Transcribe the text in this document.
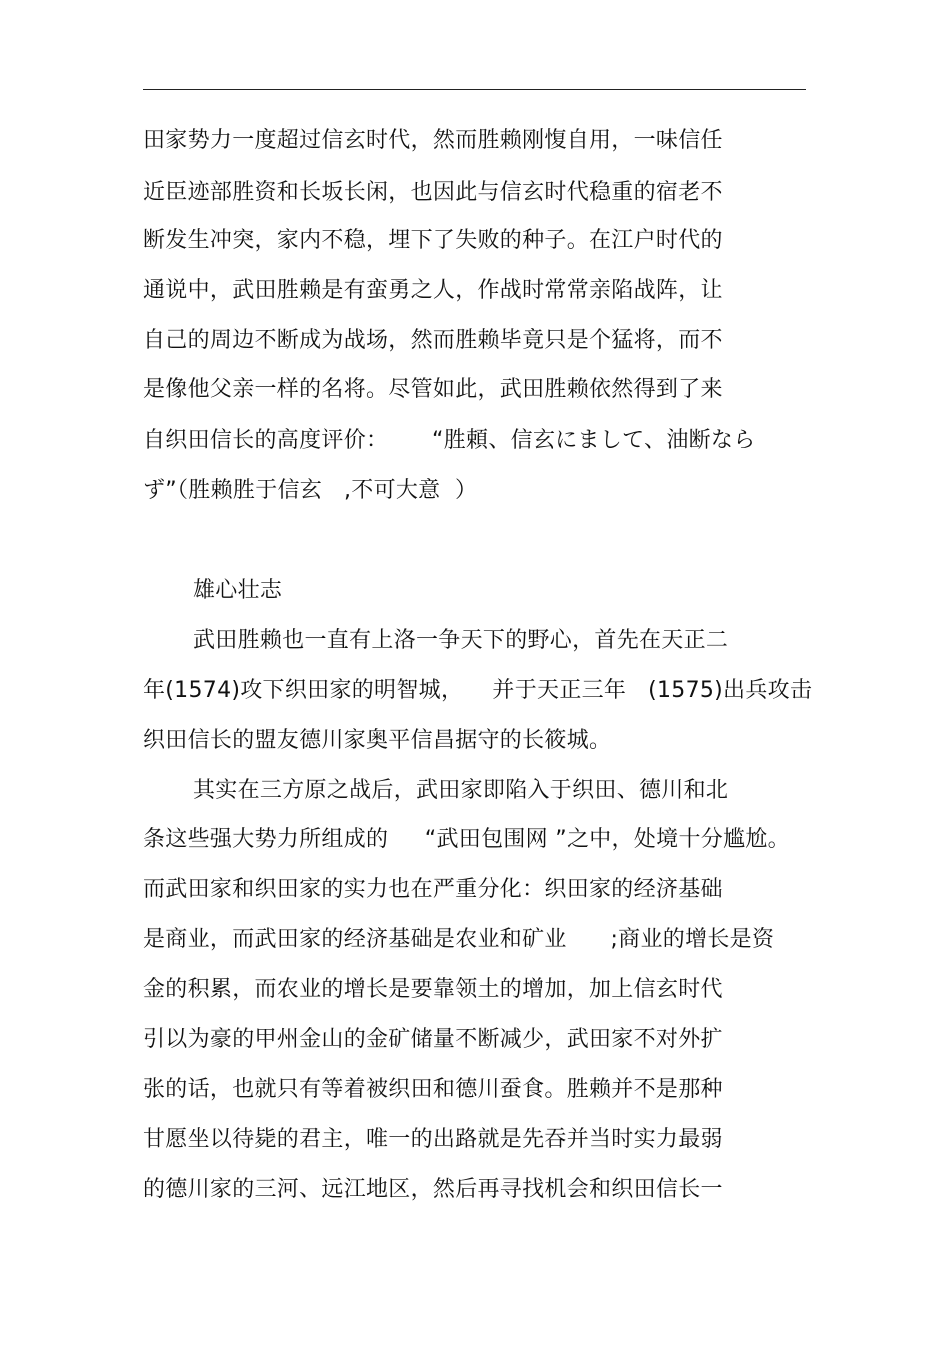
田家势力一度超过信玄时代，然而胜赖刚愎自用，一味信任
近臣迹部胜资和长坂长闲，也因此与信玄时代稳重的宿老不
断发生冲突，家内不稳，埋下了失败的种子。在江户时代的
通说中，武田胜赖是有蛮勇之人，作战时常常亲陷战阵，让
自己的周边不断成为战场，然而胜赖毕竟只是个猛将，而不
是像他父亲一样的名将。尽管如此，武田胜赖依然得到了来
自织田信长的高度评价：      “胜頼、信玄にまして、油断なら
ず”（胜赖胜于信玄   ,不可大意  ）
雄心壮志
武田胜赖也一直有上洛一争天下的野心，首先在天正二
年(1574)攻下织田家的明智城，    并于天正三年   (1575)出兵攻击
织田信长的盟友德川家奥平信昌据守的长筱城。
其实在三方原之战后，武田家即陷入于织田、德川和北
条这些强大势力所组成的     “武田包围网 ”之中，处境十分尴尬。
而武田家和织田家的实力也在严重分化：织田家的经济基础
是商业，而武田家的经济基础是农业和矿业      ;商业的增长是资
金的积累，而农业的增长是要靠领土的增加，加上信玄时代
引以为豪的甲州金山的金矿储量不断减少，武田家不对外扩
张的话，也就只有等着被织田和德川蚕食。胜赖并不是那种
甘愿坐以待毙的君主，唯一的出路就是先吞并当时实力最弱
的德川家的三河、远江地区，然后再寻找机会和织田信长一
